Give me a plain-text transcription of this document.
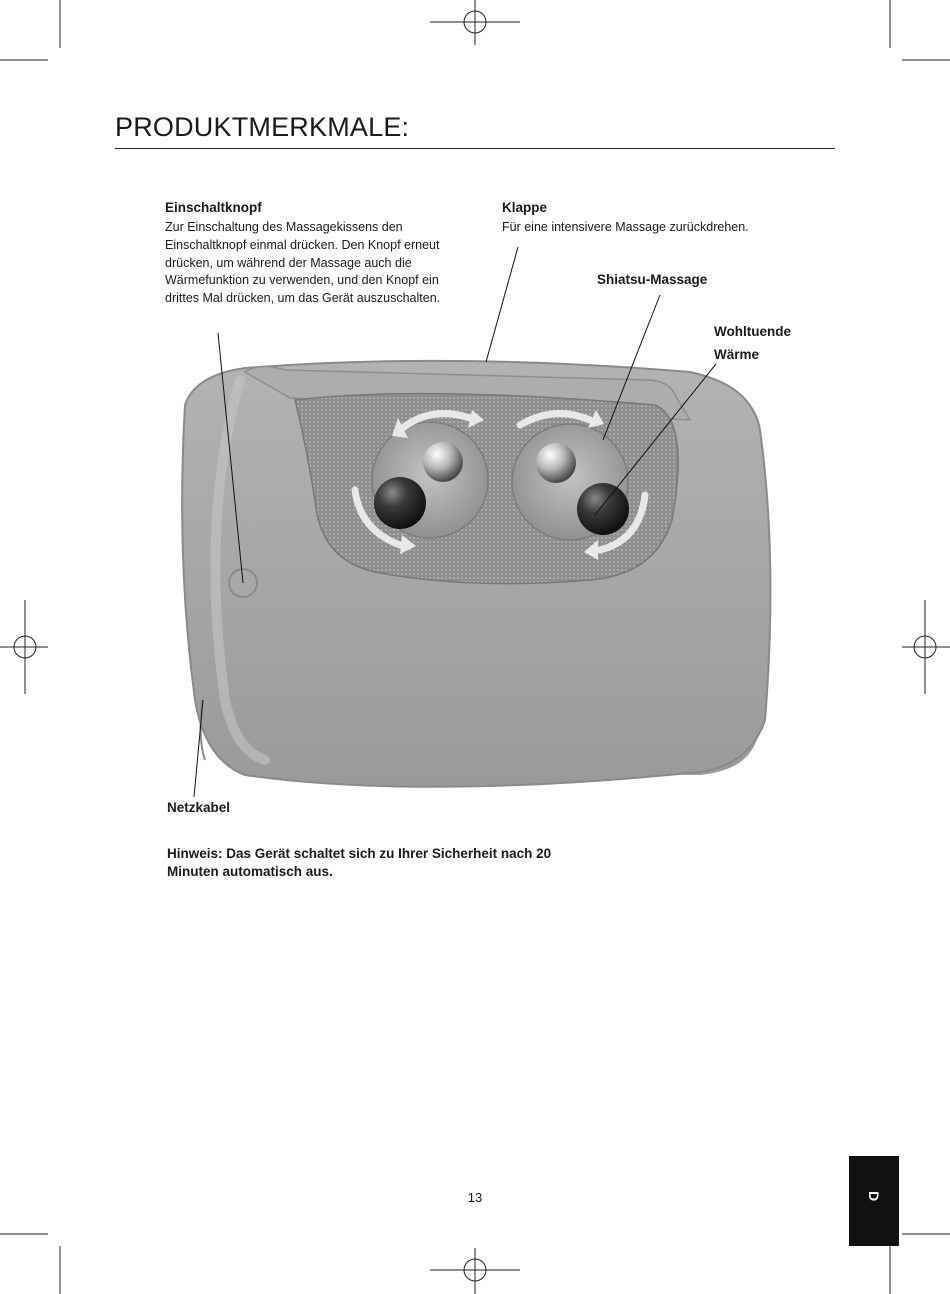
PRODUKTMERKMALE:
Einschaltknopf
Zur Einschaltung des Massagekissens den Einschaltknopf einmal drücken. Den Knopf erneut drücken, um während der Massage auch die Wärmefunktion zu verwenden, und den Knopf ein drittes Mal drücken, um das Gerät auszuschalten.
Klappe
Für eine intensivere Massage zurückdrehen.
Shiatsu-Massage
Wohltuende Wärme
Netzkabel
Hinweis: Das Gerät schaltet sich zu Ihrer Sicherheit nach 20 Minuten automatisch aus.
13	D
